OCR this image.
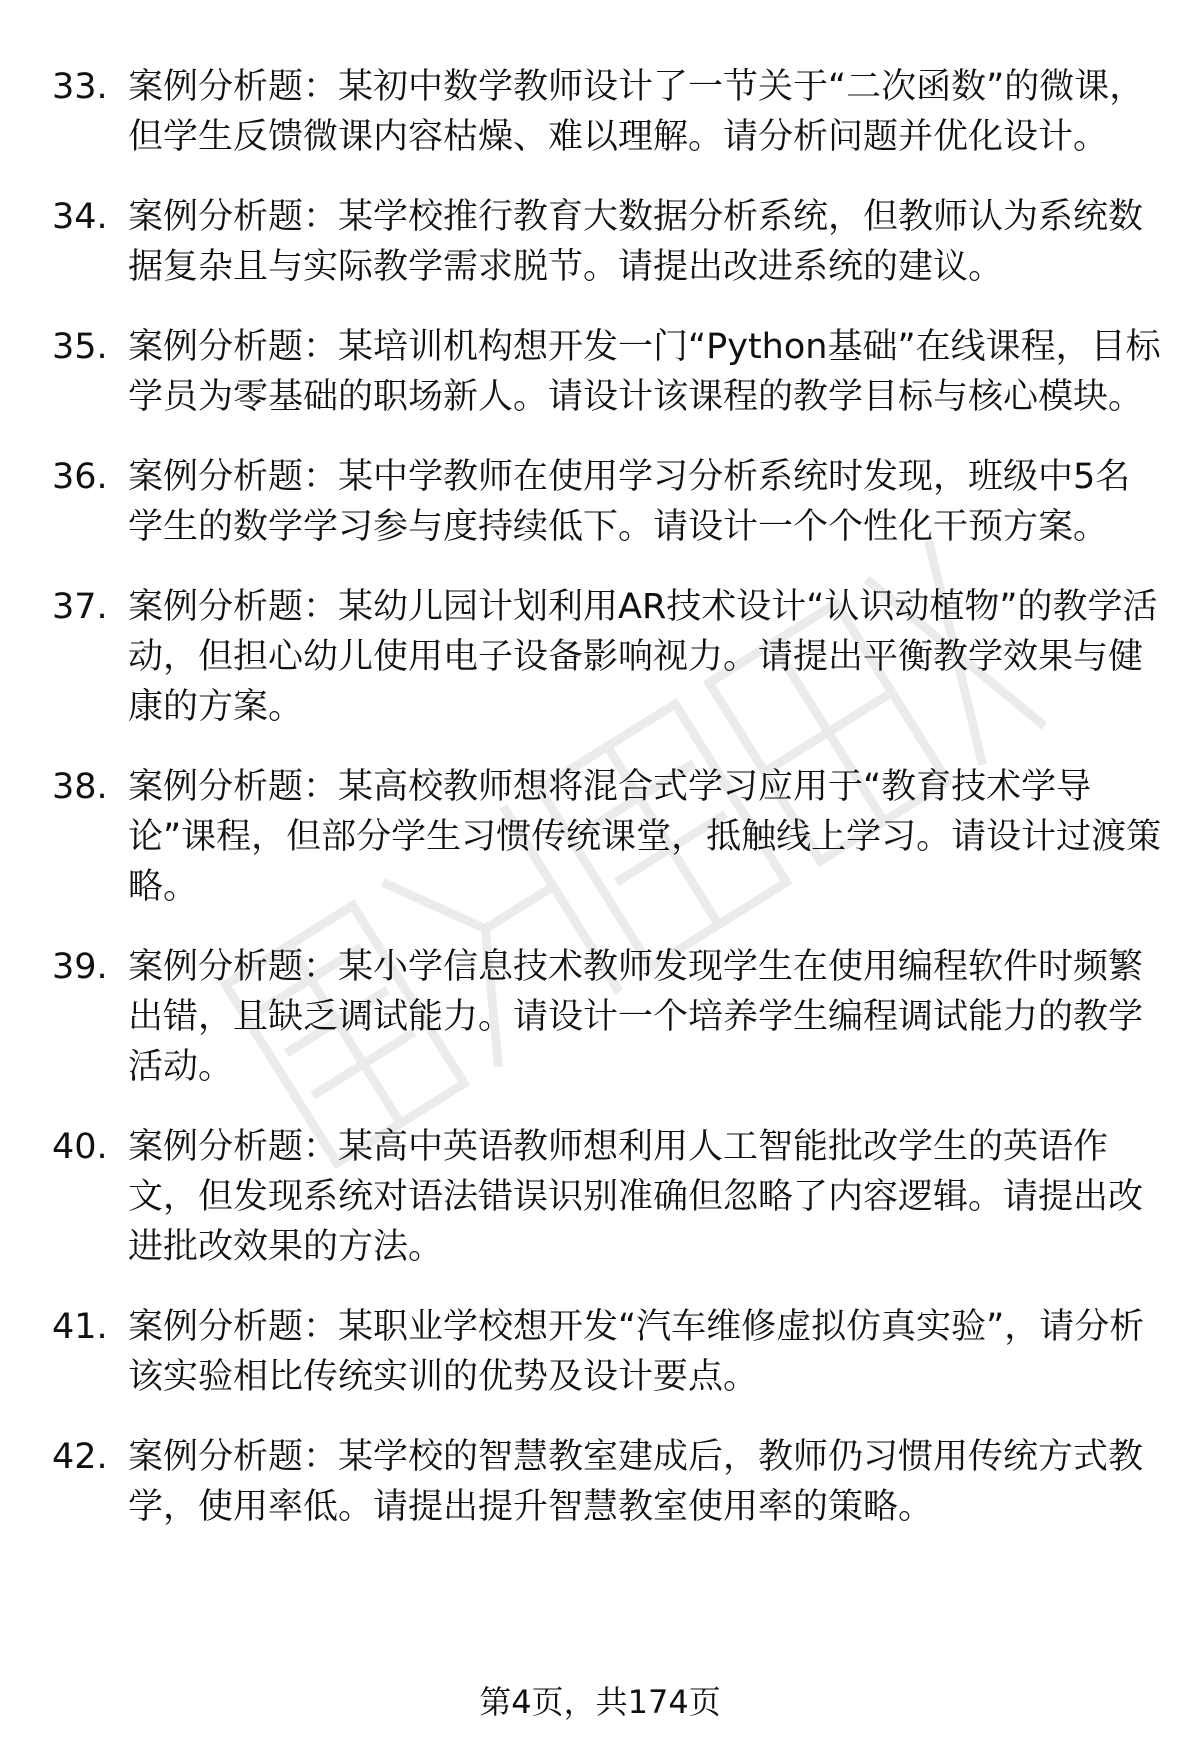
33. 案例分析题：某初中数学教师设计了一节关于“二次函数”的微课，但学生反馈微课内容枯燥、难以理解。请分析问题并优化设计。
34. 案例分析题：某学校推行教育大数据分析系统，但教师认为系统数据复杂且与实际教学需求脱节。请提出改进系统的建议。
35. 案例分析题：某培训机构想开发一门“Python基础”在线课程，目标学员为零基础的职场新人。请设计该课程的教学目标与核心模块。
36. 案例分析题：某中学教师在使用学习分析系统时发现，班级中5名学生的数学学习参与度持续低下。请设计一个个性化干预方案。
37. 案例分析题：某幼儿园计划利用AR技术设计“认识动植物”的教学活动，但担心幼儿使用电子设备影响视力。请提出平衡教学效果与健康的方案。
38. 案例分析题：某高校教师想将混合式学习应用于“教育技术学导论”课程，但部分学生习惯传统课堂，抵触线上学习。请设计过渡策略。
39. 案例分析题：某小学信息技术教师发现学生在使用编程软件时频繁出错，且缺乏调试能力。请设计一个培养学生编程调试能力的教学活动。
40. 案例分析题：某高中英语教师想利用人工智能批改学生的英语作文，但发现系统对语法错误识别准确但忽略了内容逻辑。请提出改进批改效果的方法。
41. 案例分析题：某职业学校想开发“汽车维修虚拟仿真实验”，请分析该实验相比传统实训的优势及设计要点。
42. 案例分析题：某学校的智慧教室建成后，教师仍习惯用传统方式教学，使用率低。请提出提升智慧教室使用率的策略。
第4页，共174页
